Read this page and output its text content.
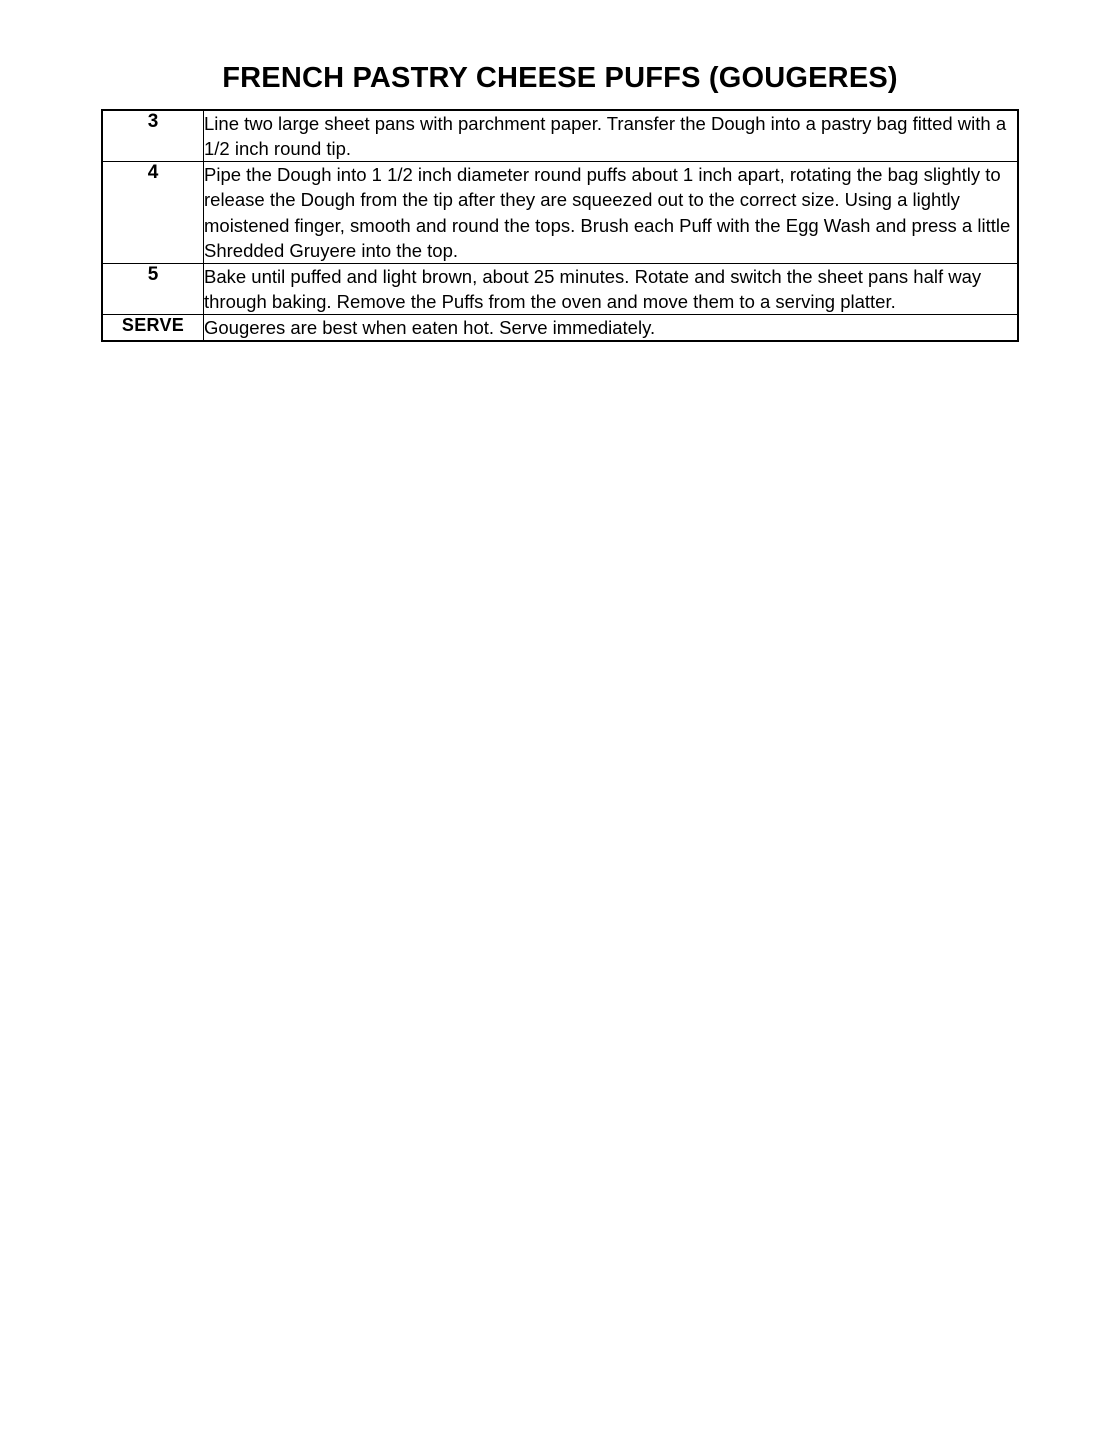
FRENCH PASTRY CHEESE PUFFS (GOUGERES)
3	Line two large sheet pans with parchment paper. Transfer the Dough into a pastry bag fitted with a 1/2 inch round tip.
4	Pipe the Dough into 1 1/2 inch diameter round puffs about 1 inch apart, rotating the bag slightly to release the Dough from the tip after they are squeezed out to the correct size. Using a lightly moistened finger, smooth and round the tops. Brush each Puff with the Egg Wash and press a little Shredded Gruyere into the top.
5	Bake until puffed and light brown, about 25 minutes. Rotate and switch the sheet pans half way through baking. Remove the Puffs from the oven and move them to a serving platter.
SERVE	Gougeres are best when eaten hot. Serve immediately.
